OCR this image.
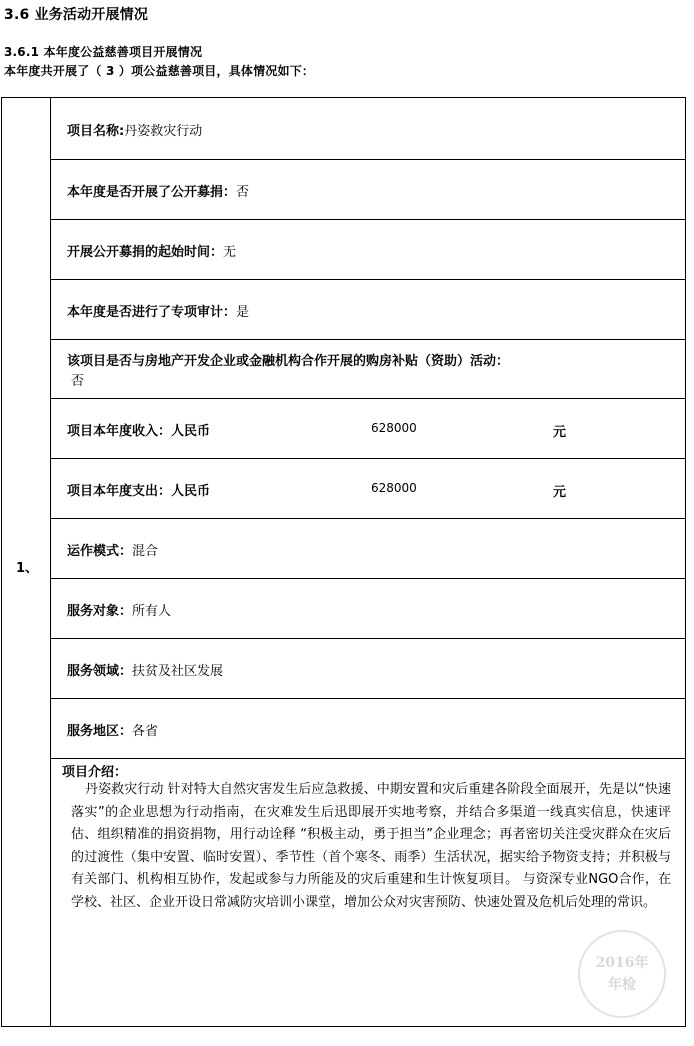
3.6 业务活动开展情况
3.6.1 本年度公益慈善项目开展情况
本年度共开展了（ 3 ）项公益慈善项目，具体情况如下：
1、
项目名称:丹姿救灾行动
本年度是否开展了公开募捐：否
开展公开募捐的起始时间：无
本年度是否进行了专项审计：是
该项目是否与房地产开发企业或金融机构合作开展的购房补贴（资助）活动：
否
项目本年度收入：人民币	628000	元
项目本年度支出：人民币	628000	元
运作模式：混合
服务对象：所有人
服务领域：扶贫及社区发展
服务地区：各省
项目介绍：
丹姿救灾行动 针对特大自然灾害发生后应急救援、中期安置和灾后重建各阶段全面展开，先是以“快速落实”的企业思想为行动指南，在灾难发生后迅即展开实地考察，并结合多渠道一线真实信息，快速评估、组织精准的捐资捐物，用行动诠释 “积极主动，勇于担当”企业理念；再者密切关注受灾群众在灾后的过渡性（集中安置、临时安置）、季节性（首个寒冬、雨季）生活状况，据实给予物资支持；并积极与有关部门、机构相互协作，发起或参与力所能及的灾后重建和生计恢复项目。 与资深专业NGO合作，在学校、社区、企业开设日常减防灾培训小课堂，增加公众对灾害预防、快速处置及危机后处理的常识。
2016年
年检
